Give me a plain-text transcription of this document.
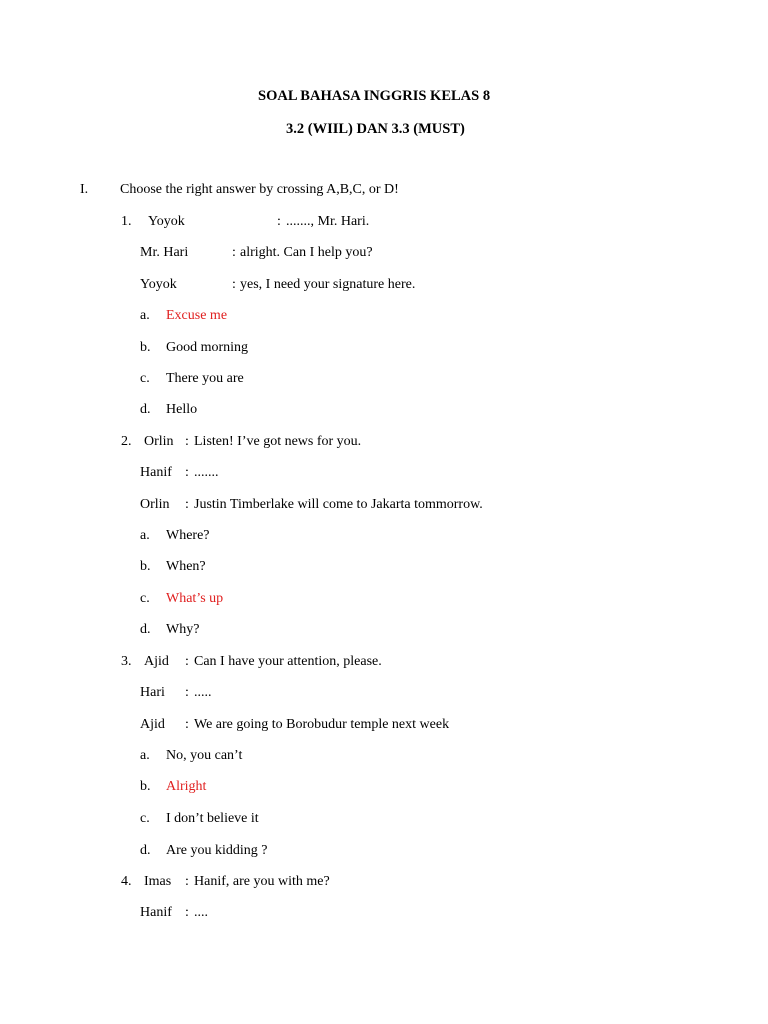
SOAL BAHASA INGGRIS KELAS 8
3.2 (WIIL) DAN 3.3 (MUST)
I. Choose the right answer by crossing A,B,C, or D!
1. Yoyok	: ......., Mr. Hari.
Mr. Hari	: alright. Can I help you?
Yoyok	: yes, I need your signature here.
a. Excuse me
b. Good morning
c. There you are
d. Hello
2. Orlin : Listen! I’ve got news for you.
Hanif : .......
Orlin : Justin Timberlake will come to Jakarta tommorrow.
a. Where?
b. When?
c. What’s up
d. Why?
3. Ajid : Can I have your attention, please.
Hari : .....
Ajid : We are going to Borobudur temple next week
a. No, you can’t
b. Alright
c. I don’t believe it
d. Are you kidding ?
4. Imas : Hanif, are you with me?
Hanif : ....
